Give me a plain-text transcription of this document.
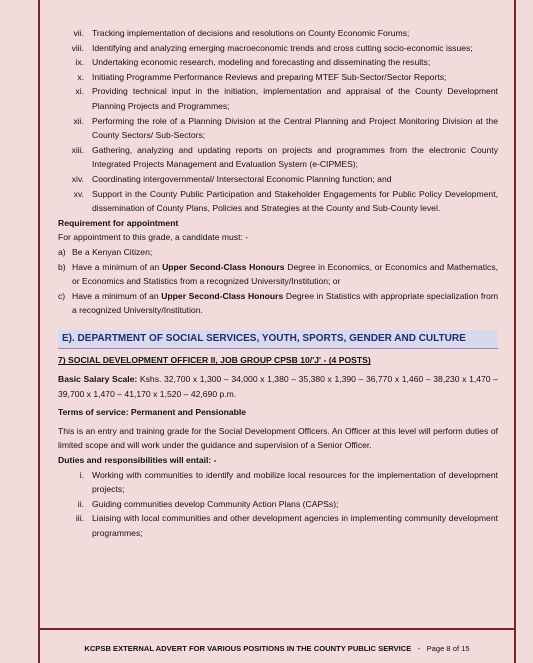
vii. Tracking implementation of decisions and resolutions on County Economic Forums;
viii. Identifying and analyzing emerging macroeconomic trends and cross cutting socio-economic issues;
ix. Undertaking economic research, modeling and forecasting and disseminating the results;
x. Initiating Programme Performance Reviews and preparing MTEF Sub-Sector/Sector Reports;
xi. Providing technical input in the initiation, implementation and appraisal of the County Development Planning Projects and Programmes;
xii. Performing the role of a Planning Division at the Central Planning and Project Monitoring Division at the County Sectors/ Sub-Sectors;
xiii. Gathering, analyzing and updating reports on projects and programmes from the electronic County Integrated Projects Management and Evaluation System (e-CIPMES);
xiv. Coordinating intergovernmental/ Intersectoral Economic Planning function; and
xv. Support in the County Public Participation and Stakeholder Engagements for Public Policy Development, dissemination of County Plans, Policies and Strategies at the County and Sub-County level.
Requirement for appointment
For appointment to this grade, a candidate must: -
a) Be a Kenyan Citizen;
b) Have a minimum of an Upper Second-Class Honours Degree in Economics, or Economics and Mathematics, or Economics and Statistics from a recognized University/Institution; or
c) Have a minimum of an Upper Second-Class Honours Degree in Statistics with appropriate specialization from a recognized University/Institution.
E). DEPARTMENT OF SOCIAL SERVICES, YOUTH, SPORTS, GENDER AND CULTURE
7) SOCIAL DEVELOPMENT OFFICER II, JOB GROUP CPSB 10/'J' - (4 POSTS)
Basic Salary Scale: Kshs. 32,700 x 1,300 – 34,000 x 1,380 – 35,380 x 1,390 – 36,770 x 1,460 – 38,230 x 1,470 – 39,700 x 1,470 – 41,170 x 1,520 – 42,690 p.m.
Terms of service: Permanent and Pensionable
This is an entry and training grade for the Social Development Officers. An Officer at this level will perform duties of limited scope and will work under the guidance and supervision of a Senior Officer.
Duties and responsibilities will entail: -
i. Working with communities to identify and mobilize local resources for the implementation of development projects;
ii. Guiding communities develop Community Action Plans (CAPSs);
iii. Liaising with local communities and other development agencies in implementing community development programmes;
KCPSB EXTERNAL ADVERT FOR VARIOUS POSITIONS IN THE COUNTY PUBLIC SERVICE - Page 8 of 15
